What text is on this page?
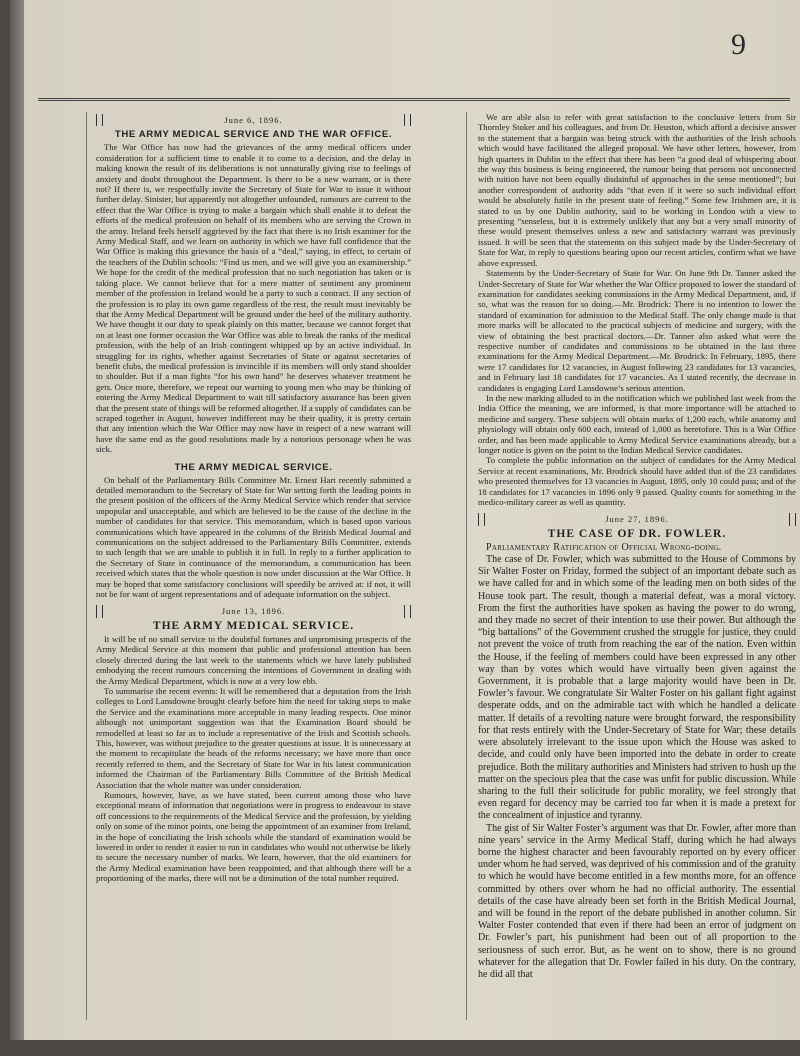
9
June 6, 1896.
THE ARMY MEDICAL SERVICE AND THE WAR OFFICE.

The War Office has now had the grievances of the army medical officers under consideration for a sufficient time to enable it to come to a decision, and the delay in making known the result of its deliberations is not unnaturally giving rise to feelings of anxiety and doubt throughout the Department. Is there to be a new warrant, or is there not? If there is, we respectfully invite the Secretary of State for War to issue it without further delay. Sinister, but apparently not altogether unfounded, rumours are current to the effect that the War Office is trying to make a bargain which shall enable it to defeat the efforts of the medical profession on behalf of its members who are serving the Crown in the army. Ireland feels herself aggrieved by the fact that there is no Irish examiner for the Army Medical Staff, and we learn on authority in which we have full confidence that the War Office is making this grievance the basis of a “deal,” saying, in effect, to certain of the teachers of the Dublin schools: “Find us men, and we will give you an examinership.” We hope for the credit of the medical profession that no such negotiation has taken or is taking place. We cannot believe that for a mere matter of sentiment any prominent member of the profession in Ireland would be a party to such a contract. If any section of the profession is to play its own game regardless of the rest, the result must inevitably be that the Army Medical Department will be ground under the heel of the military authority. We have thought it our duty to speak plainly on this matter, because we cannot forget that on at least one former occasion the War Office was able to break the ranks of the medical profession, with the help of an Irish contingent whipped up by an active individual. In struggling for its rights, whether against Secretaries of State or against secretaries of benefit clubs, the medical profession is invincible if its members will only stand shoulder to shoulder. But if a man fights “for his own hand” he deserves whatever treatment he gets. Once more, therefore, we repeat our warning to young men who may be thinking of entering the Army Medical Department to wait till satisfactory assurance has been given that the present state of things will be reformed altogether. If a supply of candidates can be scraped together in August, however indifferent may be their quality, it is pretty certain that any intention which the War Office may now have in respect of a new warrant will have the same end as the good resolutions made by a notorious personage when he was sick.

THE ARMY MEDICAL SERVICE.

On behalf of the Parliamentary Bills Committee Mr. Ernest Hart recently submitted a detailed memorandum to the Secretary of State for War setting forth the leading points in the present position of the officers of the Army Medical Service which render that service unpopular and unacceptable, and which are believed to be the cause of the decline in the number of candidates for that service. This memorandum, which is based upon various communications which have appeared in the columns of the British Medical Journal and communications on the subject addressed to the Parliamentary Bills Committee, extends to such length that we are unable to publish it in full. In reply to a further application to the Secretary of State in continuance of the memorandum, a communication has been received which states that the whole question is now under discussion at the War Office. It may be hoped that some satisfactory conclusions will speedily be arrived at: if not, it will not be for want of urgent representations and of adequate information on the subject.

June 13, 1896.
THE ARMY MEDICAL SERVICE.

It will be of no small service to the doubtful fortunes and unpromising prospects of the Army Medical Service at this moment that public and professional attention has been closely directed during the last week to the statements which we have lately published embodying the recent rumours concerning the intentions of Government in dealing with the Army Medical Department, which is now at a very low ebb.

To summarise the recent events: It will be remembered that a deputation from the Irish colleges to Lord Lansdowne brought clearly before him the need for taking steps to make the Service and the examinations more acceptable in many leading respects. One minor although not unimportant suggestion was that the Examination Board should be remodelled at least so far as to include a representative of the Irish and Scottish schools. This, however, was without prejudice to the greater questions at issue. It is unnecessary at the moment to recapitulate the heads of the reforms necessary; we have more than once recently referred to them, and the Secretary of State for War in his latest communication informed the Chairman of the Parliamentary Bills Committee of the British Medical Association that the whole matter was under consideration.

Rumours, however, have, as we have stated, been current among those who have exceptional means of information that negotiations were in progress to endeavour to stave off concessions to the requirements of the Medical Service and the profession, by yielding only on some of the minor points, one being the appointment of an examiner from Ireland, in the hope of conciliating the Irish schools while the standard of examination would be lowered in order to render it easier to run in candidates who would not otherwise be likely to secure the necessary number of marks. We learn, however, that the old examiners for the Army Medical examination have been reappointed, and that although there will be a proportioning of the marks, there will not be a diminution of the total number required.

We are able also to refer with great satisfaction to the conclusive letters from Sir Thornley Stoker and his colleagues, and from Dr. Heuston, which afford a decisive answer to the statement that a bargain was being struck with the authorities of the Irish schools which would have facilitated the alleged proposal. We have other letters, however, from high quarters in Dublin to the effect that there has been “a good deal of whispering about the way this business is being engineered, the rumour being that persons not unconnected with tuition have not been equally disdainful of approaches in the sense mentioned”; but another correspondent of authority adds “that even if it were so such individual effort would be absolutely futile in the present state of feeling.” Some few Irishmen are, it is stated to us by one Dublin authority, said to be working in London with a view to presenting “senseless, but it is extremely unlikely that any but a very small minority of these would present themselves unless a new and satisfactory warrant was previously issued. It will be seen that the statements on this subject made by the Under-Secretary of State for War, in reply to questions bearing upon our recent articles, confirm what we have above expressed.

Statements by the Under-Secretary of State for War. On June 9th Dr. Tanner asked the Under-Secretary of State for War whether the War Office proposed to lower the standard of examination for candidates seeking commissions in the Army Medical Department, and, if so, what was the reason for so doing.—Mr. Brodrick: There is no intention to lower the standard of examination for admission to the Medical Staff. The only change made is that more marks will be allocated to the practical subjects of medicine and surgery, with the view of obtaining the best practical doctors.—Dr. Tanner also asked what were the respective number of candidates and commissions to be obtained in the last three examinations for the Army Medical Department.—Mr. Brodrick: In February, 1895, there were 17 candidates for 12 vacancies, in August following 23 candidates for 13 vacancies, and in February last 18 candidates for 17 vacancies. As I stated recently, the decrease in candidates is engaging Lord Lansdowne’s serious attention.

In the new marking alluded to in the notification which we published last week from the India Office the meaning, we are informed, is that more importance will be attached to medicine and surgery. These subjects will obtain marks of 1,200 each, while anatomy and physiology will obtain only 600 each, instead of 1,000 as heretofore. This is a War Office order, and has been made applicable to Army Medical Service examinations already, but a longer notice is given on the point to the Indian Medical Service candidates.

To complete the public information on the subject of candidates for the Army Medical Service at recent examinations, Mr. Brodrick should have added that of the 23 candidates who presented themselves for 13 vacancies in August, 1895, only 10 could pass; and of the 18 candidates for 17 vacancies in 1896 only 9 passed. Quality counts for something in the medico-military career as well as quantity.

June 27, 1896.
THE CASE OF DR. FOWLER.

Parliamentary Ratification of Official Wrong-doing.

The case of Dr. Fowler, which was submitted to the House of Commons by Sir Walter Foster on Friday, formed the subject of an important debate such as we have called for and in which some of the leading men on both sides of the House took part. The result, though a material defeat, was a moral victory. From the first the authorities have spoken as having the power to do wrong, and they made no secret of their intention to use their power. But although the “big battalions” of the Government crushed the struggle for justice, they could not prevent the voice of truth from reaching the ear of the nation. Even within the House, if the feeling of members could have been expressed in any other way than by votes which would have virtually been given against the Government, it is probable that a large majority would have been in Dr. Fowler’s favour. We congratulate Sir Walter Foster on his gallant fight against desperate odds, and on the admirable tact with which he handled a delicate matter. If details of a revolting nature were brought forward, the responsibility for that rests entirely with the Under-Secretary of State for War; these details were absolutely irrelevant to the issue upon which the House was asked to decide, and could only have been imported into the debate in order to create prejudice. Both the military authorities and Ministers had striven to hush up the matter on the specious plea that the case was unfit for public discussion. While sharing to the full their solicitude for public morality, we feel strongly that even regard for decency may be carried too far when it is made a pretext for the concealment of injustice and tyranny.

The gist of Sir Walter Foster’s argument was that Dr. Fowler, after more than nine years’ service in the Army Medical Staff, during which he had always borne the highest character and been favourably reported on by every officer under whom he had served, was deprived of his commission and of the gratuity to which he would have become entitled in a few months more, for an offence committed by others over whom he had no official authority. The essential details of the case have already been set forth in the British Medical Journal, and will be found in the report of the debate published in another column. Sir Walter Foster contended that even if there had been an error of judgment on Dr. Fowler’s part, his punishment had been out of all proportion to the seriousness of such error. But, as he went on to show, there is no ground whatever for the allegation that Dr. Fowler failed in his duty. On the contrary, he did all that
